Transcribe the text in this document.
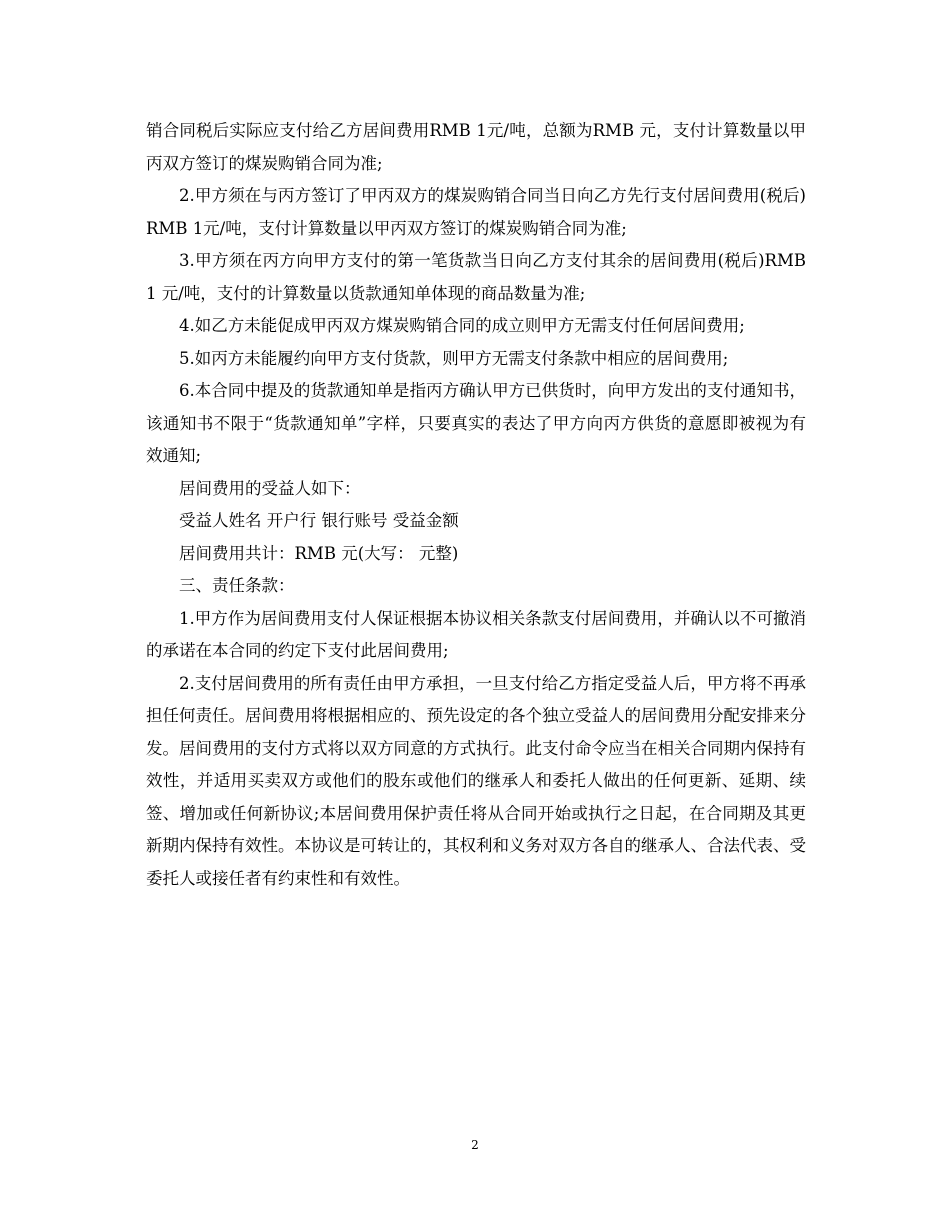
销合同税后实际应支付给乙方居间费用RMB 1元/吨，总额为RMB 元，支付计算数量以甲丙双方签订的煤炭购销合同为准;

2.甲方须在与丙方签订了甲丙双方的煤炭购销合同当日向乙方先行支付居间费用(税后)RMB 1元/吨，支付计算数量以甲丙双方签订的煤炭购销合同为准;

3.甲方须在丙方向甲方支付的第一笔货款当日向乙方支付其余的居间费用(税后)RMB 1 元/吨，支付的计算数量以货款通知单体现的商品数量为准;

4.如乙方未能促成甲丙双方煤炭购销合同的成立则甲方无需支付任何居间费用;

5.如丙方未能履约向甲方支付货款，则甲方无需支付条款中相应的居间费用;

6.本合同中提及的货款通知单是指丙方确认甲方已供货时，向甲方发出的支付通知书，该通知书不限于“货款通知单”字样，只要真实的表达了甲方向丙方供货的意愿即被视为有效通知;

居间费用的受益人如下：

受益人姓名 开户行 银行账号 受益金额

居间费用共计：RMB 元(大写： 元整)

三、责任条款：

1.甲方作为居间费用支付人保证根据本协议相关条款支付居间费用，并确认以不可撤消的承诺在本合同的约定下支付此居间费用;

2.支付居间费用的所有责任由甲方承担，一旦支付给乙方指定受益人后，甲方将不再承担任何责任。居间费用将根据相应的、预先设定的各个独立受益人的居间费用分配安排来分发。居间费用的支付方式将以双方同意的方式执行。此支付命令应当在相关合同期内保持有效性，并适用买卖双方或他们的股东或他们的继承人和委托人做出的任何更新、延期、续签、增加或任何新协议;本居间费用保护责任将从合同开始或执行之日起，在合同期及其更新期内保持有效性。本协议是可转让的，其权利和义务对双方各自的继承人、合法代表、受委托人或接任者有约束性和有效性。

2
